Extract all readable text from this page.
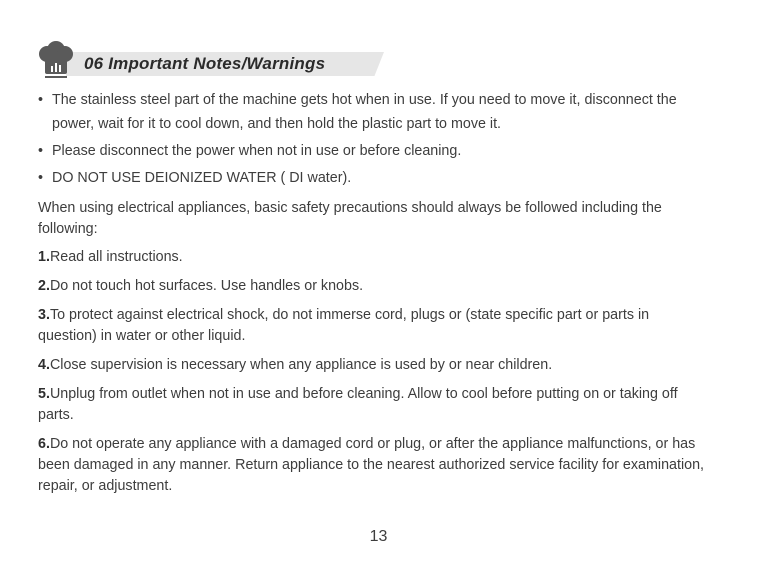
06 Important Notes/Warnings
• The stainless steel part of the machine gets hot when in use. If you need to move it, disconnect the power, wait for it to cool down, and then hold the plastic part to move it.
• Please disconnect the power when not in use or before cleaning.
• DO NOT USE DEIONIZED WATER ( DI water).

When using electrical appliances, basic safety precautions should always be followed including the following:

1.Read all instructions.

2.Do not touch hot surfaces. Use handles or knobs.

3.To protect against electrical shock, do not immerse cord, plugs or (state specific part or parts in question) in water or other liquid.

4.Close supervision is necessary when any appliance is used by or near children.

5.Unplug from outlet when not in use and before cleaning. Allow to cool before putting on or taking off parts.

6.Do not operate any appliance with a damaged cord or plug, or after the appliance malfunctions, or has been damaged in any manner. Return appliance to the nearest authorized service facility for examination, repair, or adjustment.

13
